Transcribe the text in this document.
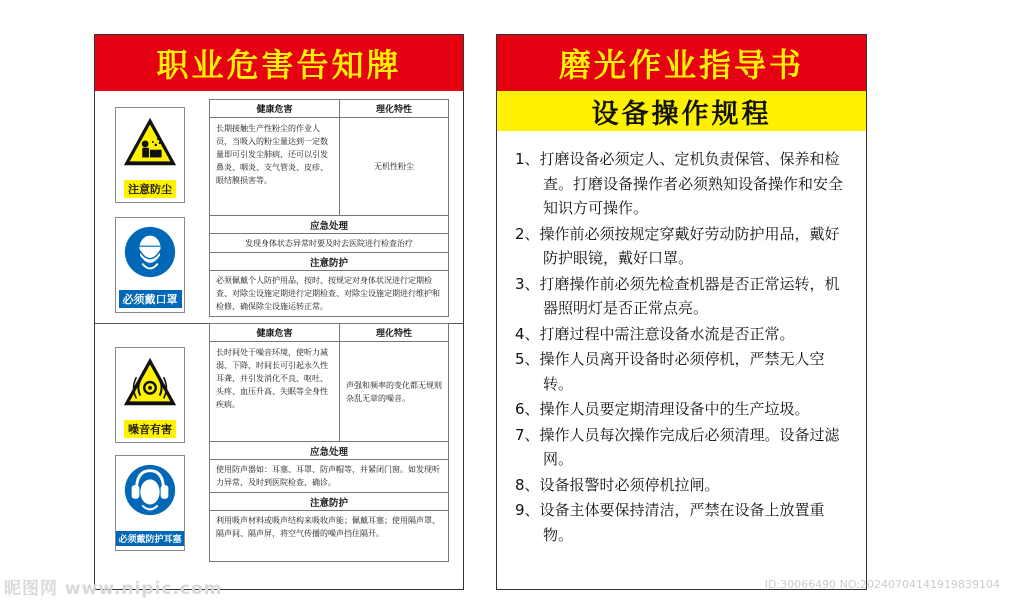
职业危害告知牌
注意防尘
必须戴口罩
健康危害	理化特性
长期接触生产性粉尘的作业人员，当吸入的粉尘量达到一定数量即可引发尘肺病，还可以引发鼻炎、咽炎、支气管炎、皮疹、眼结膜损害等。
无机性粉尘
应急处理
发现身体状态异常时要及时去医院进行检查治疗
注意防护
必须佩戴个人防护用品，按时、按规定对身体状况进行定期检查、对除尘设施定期进行定期检查、对除尘设施定期进行维护和检修，确保除尘设施运转正常。
噪音有害
必须戴防护耳塞
健康危害	理化特性
长时间处于噪音环境，使听力减弱、下降，时间长可引起永久性耳聋，并引发消化不良、呕吐、头疼、血压升高、失眠等全身性疾病。
声强和频率的变化都无规则杂乱无章的噪音。
应急处理
使用防声器如：耳塞、耳罩、防声帽等，并紧闭门窗。如发现听力异常，及时到医院检查，确诊。
注意防护
利用吸声材料或吸声结构来吸收声能；佩戴耳塞；使用隔声罩、隔声间、隔声屏，将空气传播的噪声挡住隔开。
磨光作业指导书
设备操作规程
1、打磨设备必须定人、定机负责保管、保养和检查。打磨设备操作者必须熟知设备操作和安全知识方可操作。
2、操作前必须按规定穿戴好劳动防护用品，戴好防护眼镜，戴好口罩。
3、打磨操作前必须先检查机器是否正常运转，机器照明灯是否正常点亮。
4、打磨过程中需注意设备水流是否正常。
5、操作人员离开设备时必须停机，严禁无人空转。
6、操作人员要定期清理设备中的生产垃圾。
7、操作人员每次操作完成后必须清理。设备过滤网。
8、设备报警时必须停机拉闸。
9、设备主体要保持清洁，严禁在设备上放置重物。
昵图网 www.nipic.com	ID:30066490 NO:20240704141919839104
